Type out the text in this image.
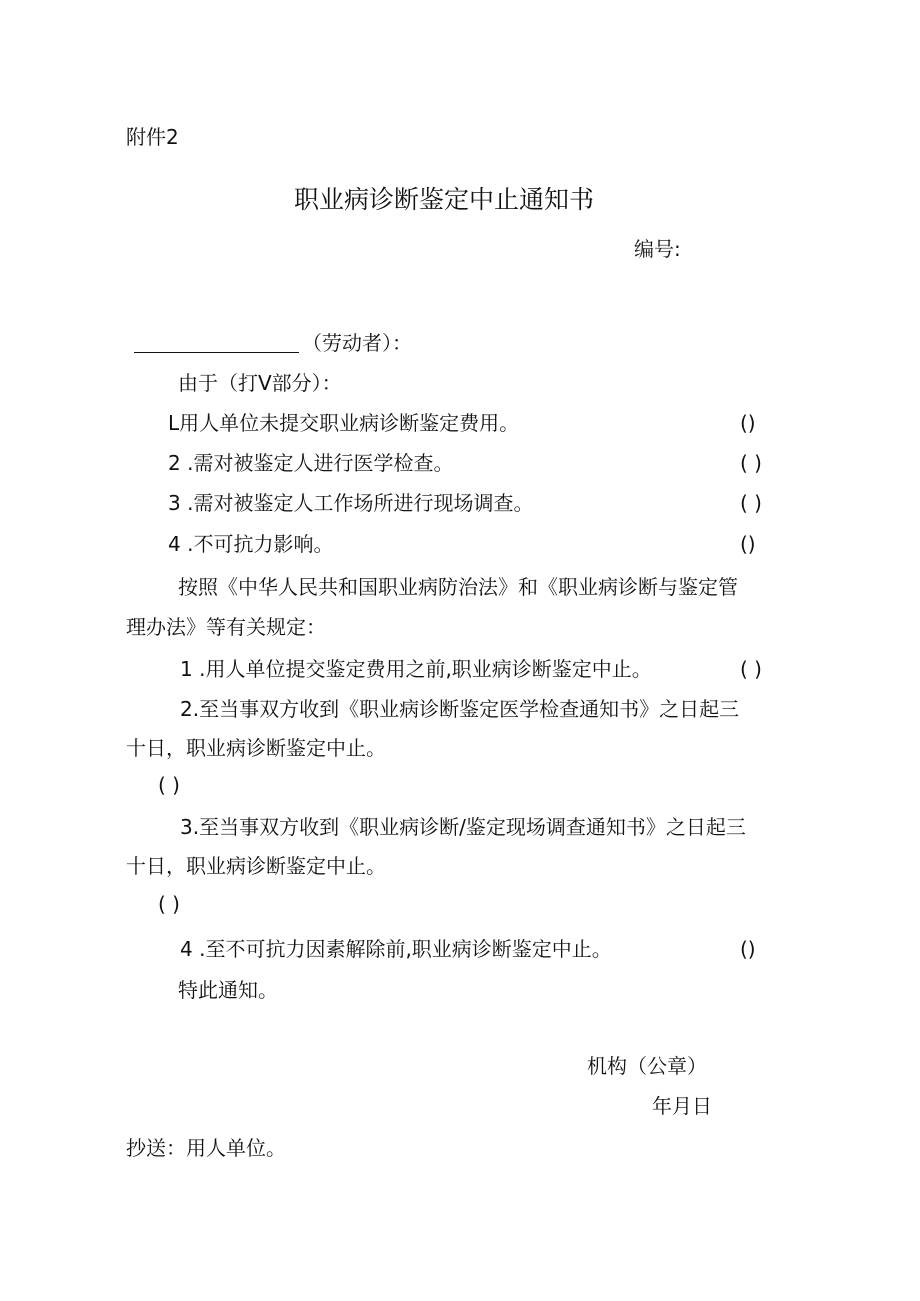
附件2
职业病诊断鉴定中止通知书
编号:
（劳动者）：
由于（打V部分）：
L用人单位未提交职业病诊断鉴定费用。	()
2 .需对被鉴定人进行医学检查。	( )
3 .需对被鉴定人工作场所进行现场调查。	( )
4 .不可抗力影响。	()
按照《中华人民共和国职业病防治法》和《职业病诊断与鉴定管
理办法》等有关规定：
1 .用人单位提交鉴定费用之前,职业病诊断鉴定中止。	( )
2.至当事双方收到《职业病诊断鉴定医学检查通知书》之日起三
十日，职业病诊断鉴定中止。
( )
3.至当事双方收到《职业病诊断/鉴定现场调查通知书》之日起三
十日，职业病诊断鉴定中止。
( )
4 .至不可抗力因素解除前,职业病诊断鉴定中止。	()
特此通知。
机构（公章）
年月日
抄送：用人单位。
